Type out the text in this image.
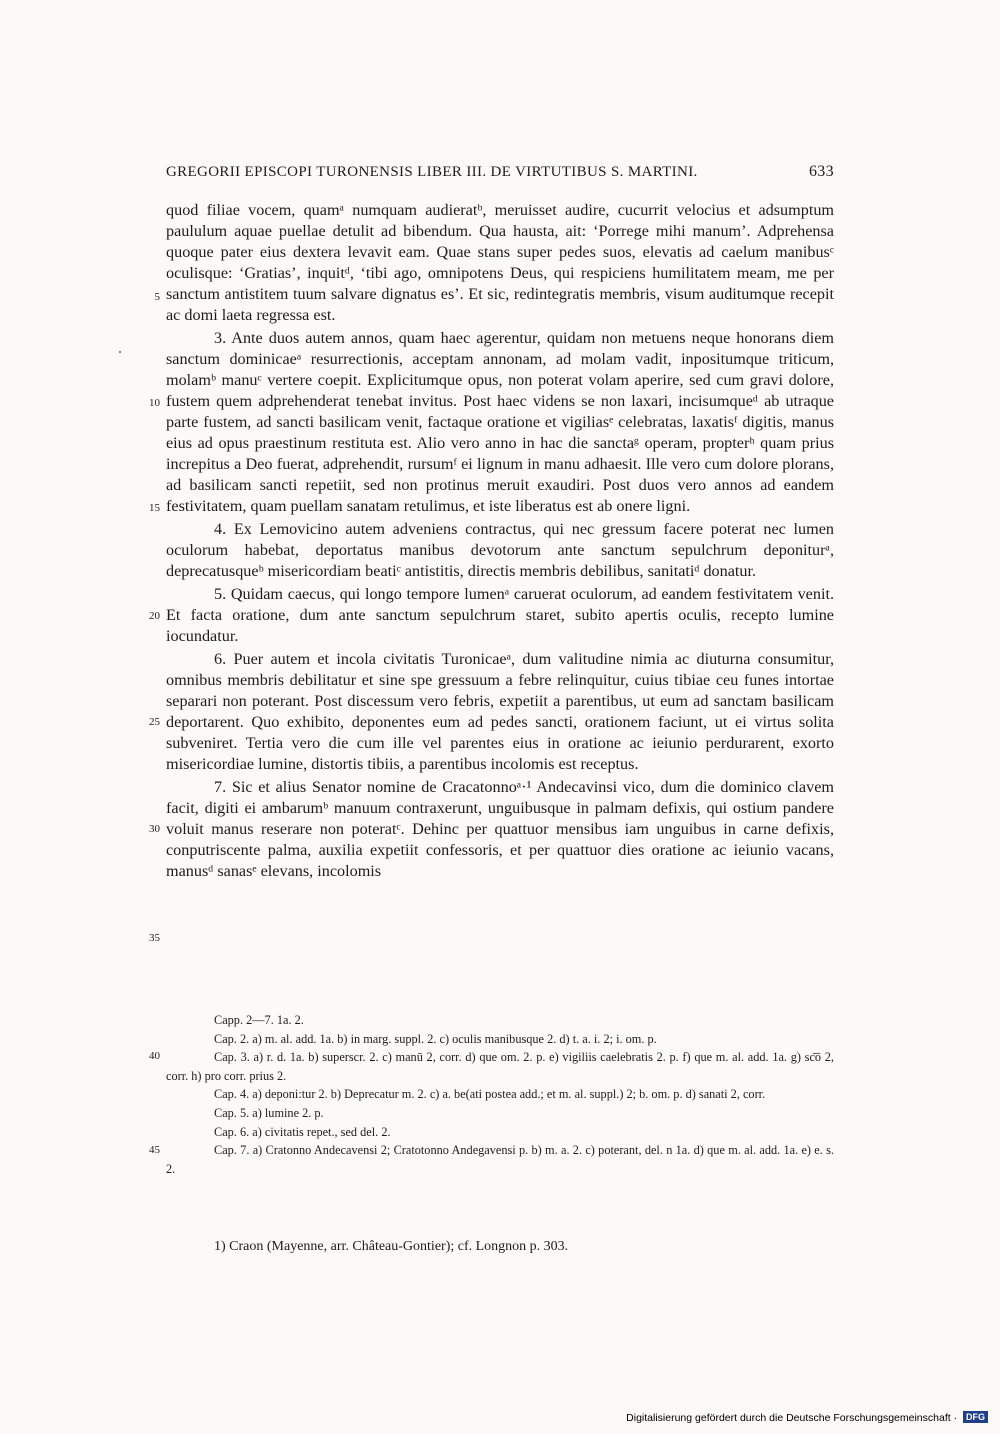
GREGORII EPISCOPI TURONENSIS LIBER III. DE VIRTUTIBUS S. MARTINI.	633
5
10
15
20
25
30
35

quod filiae vocem, quamᵃ numquam audieratᵇ, meruisset audire, cucurrit velocius et adsumptum paululum aquae puellae detulit ad bibendum. Qua hausta, ait: ‘Porrege mihi manum’. Adprehensa quoque pater eius dextera levavit eam. Quae stans super pedes suos, elevatis ad caelum manibusᶜ oculisque: ‘Gratias’, inquitᵈ, ‘tibi ago, omnipotens Deus, qui respiciens humilitatem meam, me per sanctum antistitem tuum salvare dignatus es’. Et sic, redintegratis membris, visum auditumque recepit ac domi laeta regressa est.

3. Ante duos autem annos, quam haec agerentur, quidam non metuens neque honorans diem sanctum dominicaeᵃ resurrectionis, acceptam annonam, ad molam vadit, inpositumque triticum, molamᵇ manuᶜ vertere coepit. Explicitumque opus, non poterat volam aperire, sed cum gravi dolore, fustem quem adprehenderat tenebat invitus. Post haec videns se non laxari, incisumqueᵈ ab utraque parte fustem, ad sancti basilicam venit, factaque oratione et vigiliasᵉ celebratas, laxatisᶠ digitis, manus eius ad opus praestinum restituta est. Alio vero anno in hac die sanctaᵍ operam, propterʰ quam prius increpitus a Deo fuerat, adprehendit, rursumᶠ ei lignum in manu adhaesit. Ille vero cum dolore plorans, ad basilicam sancti repetiit, sed non protinus meruit exaudiri. Post duos vero annos ad eandem festivitatem, quam puellam sanatam retulimus, et iste liberatus est ab onere ligni.

4. Ex Lemovicino autem adveniens contractus, qui nec gressum facere poterat nec lumen oculorum habebat, deportatus manibus devotorum ante sanctum sepulchrum deponiturᵃ, deprecatusqueᵇ misericordiam beatiᶜ antistitis, directis membris debilibus, sanitatiᵈ donatur.

5. Quidam caecus, qui longo tempore lumenᵃ caruerat oculorum, ad eandem festivitatem venit. Et facta oratione, dum ante sanctum sepulchrum staret, subito apertis oculis, recepto lumine iocundatur.

6. Puer autem et incola civitatis Turonicaeᵃ, dum valitudine nimia ac diuturna consumitur, omnibus membris debilitatur et sine spe gressuum a febre relinquitur, cuius tibiae ceu funes intortae separari non poterant. Post discessum vero febris, expetiit a parentibus, ut eum ad sanctam basilicam deportarent. Quo exhibito, deponentes eum ad pedes sancti, orationem faciunt, ut ei virtus solita subveniret. Tertia vero die cum ille vel parentes eius in oratione ac ieiunio perdurarent, exorto misericordiae lumine, distortis tibiis, a parentibus incolomis est receptus.

7. Sic et alius Senator nomine de Cracatonnoᵃ·¹ Andecavinsi vico, dum die dominico clavem facit, digiti ei ambarumᵇ manuum contraxerunt, unguibusque in palmam defixis, qui ostium pandere voluit manus reserare non poteratᶜ. Dehinc per quattuor mensibus iam unguibus in carne defixis, conputriscente palma, auxilia expetiit confessoris, et per quattuor dies oratione ac ieiunio vacans, manusᵈ sanasᵉ elevans, incolomis

40
45

Capp. 2—7. 1a. 2.

Cap. 2. a) m. al. add. 1a. b) in marg. suppl. 2. c) oculis manibusque 2. d) t. a. i. 2; i. om. p.

Cap. 3. a) r. d. 1a. b) superscr. 2. c) manū 2, corr. d) que om. 2. p. e) vigiliis caelebratis 2. p. f) que m. al. add. 1a. g) sc͞o 2, corr. h) pro corr. prius 2.

Cap. 4. a) deponi:tur 2. b) Deprecatur m. 2. c) a. be(ati postea add.; et m. al. suppl.) 2; b. om. p. d) sanati 2, corr.

Cap. 5. a) lumine 2. p.

Cap. 6. a) civitatis repet., sed del. 2.

Cap. 7. a) Cratonno Andecavensi 2; Cratotonno Andegavensi p. b) m. a. 2. c) poterant, del. n 1a. d) que m. al. add. 1a. e) e. s. 2.

1) Craon (Mayenne, arr. Château-Gontier); cf. Longnon p. 303.
Digitalisierung gefördert durch die Deutsche Forschungsgemeinschaft · DFG
